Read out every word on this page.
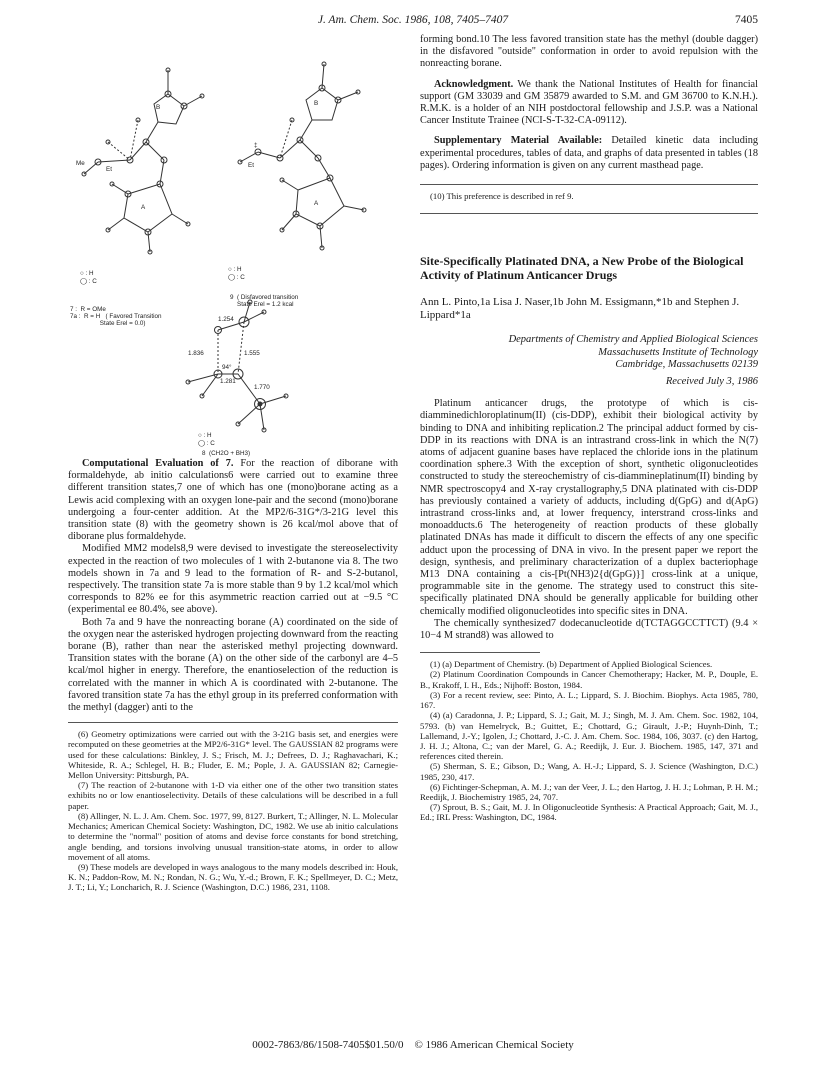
J. Am. Chem. Soc. 1986, 108, 7405–7407	7405
B
A
B
A
Me
Et
Et
‡
○ : H
◯ : C
○ : H
◯ : C
7 :  R = OMe
7a :  R = H   ( Favored Transition
State Erel = 0.0)
9  ( Disfavored transition
State Erel = 1.2 kcal
1.254
1.836	1.555
1.281
1.770
94°
○ : H
◯ : C
8  (CH2O + BH3)

Computational Evaluation of 7. For the reaction of diborane with formaldehyde, ab initio calculations6 were carried out to examine three different transition states,7 one of which has one (mono)borane acting as a Lewis acid complexing with an oxygen lone-pair and the second (mono)borane undergoing a four-center addition. At the MP2/6-31G*/3-21G level this transition state (8) with the geometry shown is 26 kcal/mol above that of diborane plus formaldehyde.

Modified MM2 models8,9 were devised to investigate the stereoselectivity expected in the reaction of two molecules of 1 with 2-butanone via 8. The two models shown in 7a and 9 lead to the formation of R- and S-2-butanol, respectively. The transition state 7a is more stable than 9 by 1.2 kcal/mol which corresponds to 82% ee for this asymmetric reaction carried out at −9.5 °C (experimental ee 80.4%, see above).

Both 7a and 9 have the nonreacting borane (A) coordinated on the side of the oxygen near the asterisked hydrogen projecting downward from the reacting borane (B), rather than near the asterisked methyl projecting downward. Transition states with the borane (A) on the other side of the carbonyl are 4–5 kcal/mol higher in energy. Therefore, the enantioselection of the reduction is correlated with the manner in which A is coordinated with 2-butanone. The favored transition state 7a has the ethyl group in its preferred conformation with the methyl (dagger) anti to the

(6) Geometry optimizations were carried out with the 3-21G basis set, and energies were recomputed on these geometries at the MP2/6-31G* level. The GAUSSIAN 82 programs were used for these calculations: Binkley, J. S.; Frisch, M. J.; Defrees, D. J.; Raghavachari, K.; Whiteside, R. A.; Schlegel, H. B.; Fluder, E. M.; Pople, J. A. GAUSSIAN 82; Carnegie-Mellon University: Pittsburgh, PA.

(7) The reaction of 2-butanone with 1-D via either one of the other two transition states exhibits no or low enantioselectivity. Details of these calculations will be described in a full paper.

(8) Allinger, N. L. J. Am. Chem. Soc. 1977, 99, 8127. Burkert, T.; Allinger, N. L. Molecular Mechanics; American Chemical Society: Washington, DC, 1982. We use ab initio calculations to determine the "normal" position of atoms and devise force constants for bond stretching, angle bending, and torsions involving unusual transition-state atoms, in order to allow movement of all atoms.

(9) These models are developed in ways analogous to the many models described in: Houk, K. N.; Paddon-Row, M. N.; Rondan, N. G.; Wu, Y.-d.; Brown, F. K.; Spellmeyer, D. C.; Metz, J. T.; Li, Y.; Loncharich, R. J. Science (Washington, D.C.) 1986, 231, 1108.

forming bond.10 The less favored transition state has the methyl (double dagger) in the disfavored "outside" conformation in order to avoid repulsion with the nonreacting borane.

Acknowledgment. We thank the National Institutes of Health for financial support (GM 33039 and GM 35879 awarded to S.M. and GM 36700 to K.N.H.). R.M.K. is a holder of an NIH postdoctoral fellowship and J.S.P. was a National Cancer Institute Trainee (NCI-S-T-32-CA-09112).

Supplementary Material Available: Detailed kinetic data including experimental procedures, tables of data, and graphs of data presented in tables (18 pages). Ordering information is given on any current masthead page.

(10) This preference is described in ref 9.

Site-Specifically Platinated DNA, a New Probe of the Biological Activity of Platinum Anticancer Drugs
Ann L. Pinto,1a Lisa J. Naser,1b John M. Essigmann,*1b and Stephen J. Lippard*1a
Departments of Chemistry and Applied Biological Sciences
Massachusetts Institute of Technology
Cambridge, Massachusetts 02139
Received July 3, 1986

Platinum anticancer drugs, the prototype of which is cis-diamminedichloroplatinum(II) (cis-DDP), exhibit their biological activity by binding to DNA and inhibiting replication.2 The principal adduct formed by cis-DDP in its reactions with DNA is an intrastrand cross-link in which the N(7) atoms of adjacent guanine bases have replaced the chloride ions in the platinum coordination sphere.3 With the exception of short, synthetic oligonucleotides constructed to study the stereochemistry of cis-diammineplatinum(II) binding by NMR spectroscopy4 and X-ray crystallography,5 DNA platinated with cis-DDP has previously contained a variety of adducts, including d(GpG) and d(ApG) intrastrand cross-links and, at lower frequency, interstrand cross-links and monoadducts.6 The heterogeneity of reaction products of these globally platinated DNAs has made it difficult to discern the effects of any one specific adduct upon the processing of DNA in vivo. In the present paper we report the design, synthesis, and preliminary characterization of a duplex bacteriophage M13 DNA containing a cis-[Pt(NH3)2{d(GpG)}] cross-link at a unique, programmable site in the genome. The strategy used to construct this site-specifically platinated DNA should be generally applicable for building other chemically modified oligonucleotides into specific sites in DNA.

The chemically synthesized7 dodecanucleotide d(TCTAGGCCTTCT) (9.4 × 10−4 M strand8) was allowed to

(1) (a) Department of Chemistry. (b) Department of Applied Biological Sciences.

(2) Platinum Coordination Compounds in Cancer Chemotherapy; Hacker, M. P., Douple, E. B., Krakoff, I. H., Eds.; Nijhoff: Boston, 1984.

(3) For a recent review, see: Pinto, A. L.; Lippard, S. J. Biochim. Biophys. Acta 1985, 780, 167.

(4) (a) Caradonna, J. P.; Lippard, S. J.; Gait, M. J.; Singh, M. J. Am. Chem. Soc. 1982, 104, 5793. (b) van Hemelryck, B.; Guittet, E.; Chottard, G.; Girault, J.-P.; Huynh-Dinh, T.; Lallemand, J.-Y.; Igolen, J.; Chottard, J.-C. J. Am. Chem. Soc. 1984, 106, 3037. (c) den Hartog, J. H. J.; Altona, C.; van der Marel, G. A.; Reedijk, J. Eur. J. Biochem. 1985, 147, 371 and references cited therein.

(5) Sherman, S. E.; Gibson, D.; Wang, A. H.-J.; Lippard, S. J. Science (Washington, D.C.) 1985, 230, 417.

(6) Fichtinger-Schepman, A. M. J.; van der Veer, J. L.; den Hartog, J. H. J.; Lohman, P. H. M.; Reedijk, J. Biochemistry 1985, 24, 707.

(7) Sprout, B. S.; Gait, M. J. In Oligonucleotide Synthesis: A Practical Approach; Gait, M. J., Ed.; IRL Press: Washington, DC, 1984.

0002-7863/86/1508-7405$01.50/0 © 1986 American Chemical Society
